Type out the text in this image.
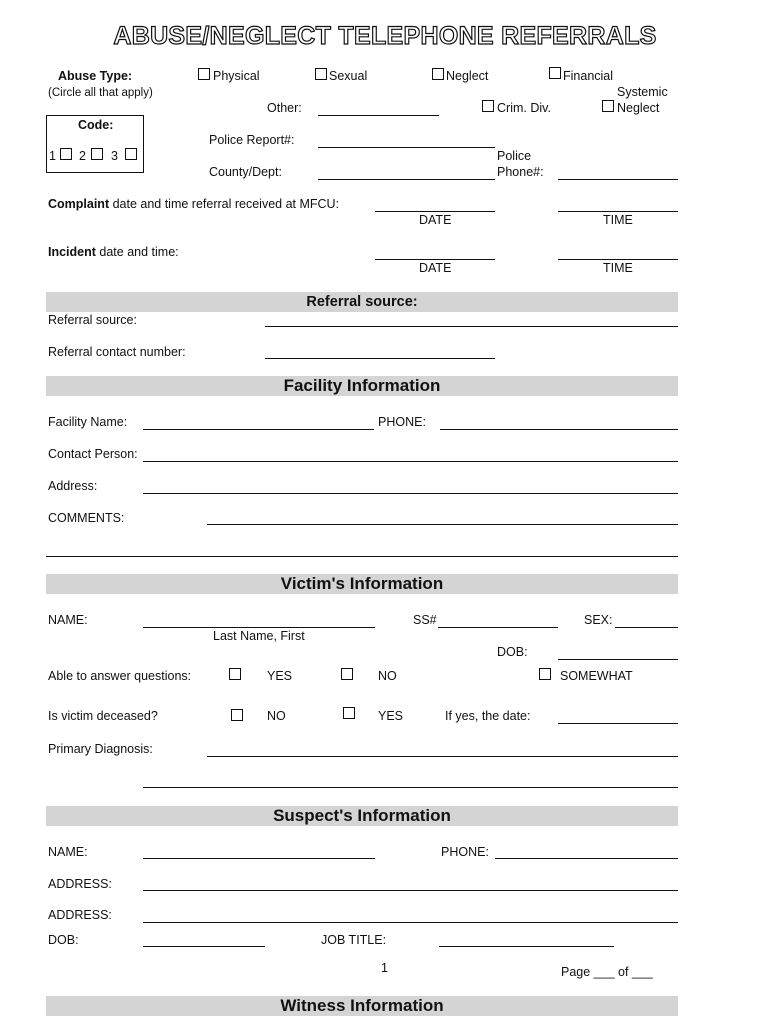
ABUSE/NEGLECT TELEPHONE REFERRALS
Abuse Type:
(Circle all that apply)
Physical	Sexual	Neglect	Financial
Systemic
Neglect
Other:	Crim. Div.
Code:
1 2 3
Police Report#:
County/Dept:
Police
Phone#:
Complaint date and time referral received at MFCU:
DATE	TIME
Incident date and time:
DATE	TIME
Referral source:
Referral source:
Referral contact number:
Facility Information
Facility Name:	PHONE:
Contact Person:
Address:
COMMENTS:
Victim's Information
NAME:
Last Name, First
SS#	SEX:
DOB:
Able to answer questions:	YES	NO	SOMEWHAT
Is victim deceased?	NO	YES	If yes, the date:
Primary Diagnosis:
Suspect's Information
NAME:	PHONE:
ADDRESS:
ADDRESS:
DOB:	JOB TITLE:
1	Page ___ of ___
Witness Information
